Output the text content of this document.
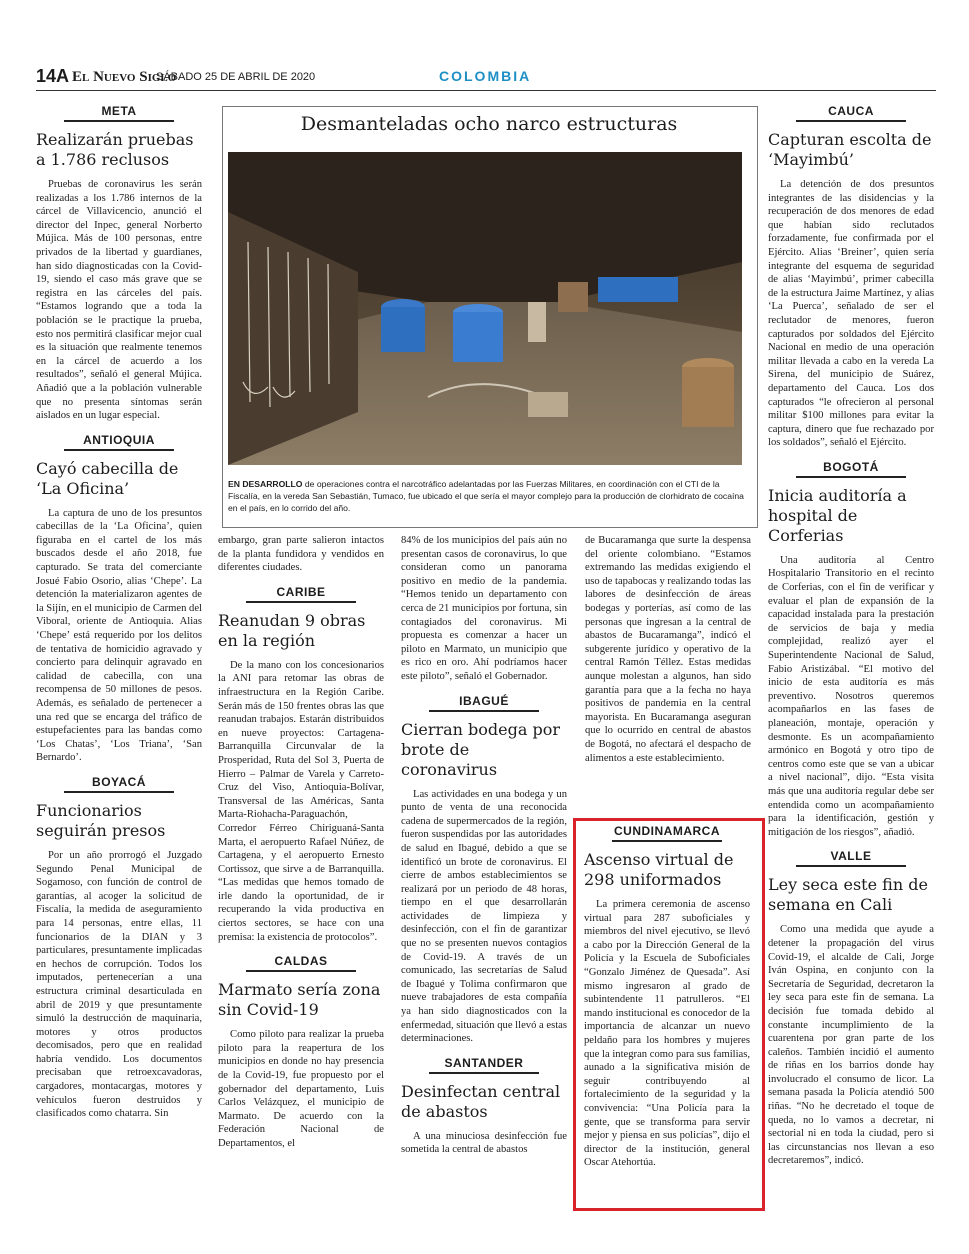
14A El Nuevo Siglo
SÁBADO 25 DE ABRIL DE 2020	COLOMBIA
Desmanteladas ocho narco estructuras
EN DESARROLLO de operaciones contra el narcotráfico adelantadas por las Fuerzas Militares, en coordinación con el CTI de la Fiscalía, en la vereda San Sebastián, Tumaco, fue ubicado el que sería el mayor complejo para la producción de clorhidrato de cocaína en el país, en lo corrido del año.
META
Realizarán pruebas a 1.786 reclusos

Pruebas de coronavirus les serán realizadas a los 1.786 internos de la cárcel de Villavicencio, anunció el director del Inpec, general Norberto Mújica. Más de 100 personas, entre privados de la libertad y guardianes, han sido diagnosticadas con la Covid-19, siendo el caso más grave que se registra en las cárceles del país. “Estamos logrando que a toda la población se le practique la prueba, esto nos permitirá clasificar mejor cual es la situación que realmente tenemos en la cárcel de acuerdo a los resultados”, señaló el general Mújica. Añadió que a la población vulnerable que no presenta síntomas serán aislados en un lugar especial.

ANTIOQUIA
Cayó cabecilla de ‘La Oficina’

La captura de uno de los presuntos cabecillas de la ‘La Oficina’, quien figuraba en el cartel de los más buscados desde el año 2018, fue capturado. Se trata del comerciante Josué Fabio Osorio, alias ‘Chepe’. La detención la materializaron agentes de la Sijín, en el municipio de Carmen del Viboral, oriente de Antioquia. Alias ‘Chepe’ está requerido por los delitos de tentativa de homicidio agravado y concierto para delinquir agravado en calidad de cabecilla, con una recompensa de 50 millones de pesos. Además, es señalado de pertenecer a una red que se encarga del tráfico de estupefacientes para las bandas como ‘Los Chatas’, ‘Los Triana’, ‘San Bernardo’.

BOYACÁ
Funcionarios seguirán presos

Por un año prorrogó el Juzgado Segundo Penal Municipal de Sogamoso, con función de control de garantías, al acoger la solicitud de Fiscalía, la medida de aseguramiento para 14 personas, entre ellas, 11 funcionarios de la DIAN y 3 particulares, presuntamente implicadas en hechos de corrupción. Todos los imputados, pertenecerían a una estructura criminal desarticulada en abril de 2019 y que presuntamente simuló la destrucción de maquinaria, motores y otros productos decomisados, pero que en realidad habría vendido. Los documentos precisaban que retroexcavadoras, cargadores, montacargas, motores y vehículos fueron destruidos y clasificados como chatarra. Sin

embargo, gran parte salieron intactos de la planta fundidora y vendidos en diferentes ciudades.

CARIBE
Reanudan 9 obras en la región

De la mano con los concesionarios la ANI para retomar las obras de infraestructura en la Región Caribe. Serán más de 150 frentes obras las que reanudan trabajos. Estarán distribuidos en nueve proyectos: Cartagena-Barranquilla Circunvalar de la Prosperidad, Ruta del Sol 3, Puerta de Hierro – Palmar de Varela y Carreto-Cruz del Viso, Antioquia-Bolívar, Transversal de las Américas, Santa Marta-Riohacha-Paraguachón, Corredor Férreo Chiriguaná-Santa Marta, el aeropuerto Rafael Núñez, de Cartagena, y el aeropuerto Ernesto Cortissoz, que sirve a de Barranquilla. “Las medidas que hemos tomado de irle dando la oportunidad, de ir recuperando la vida productiva en ciertos sectores, se hace con una premisa: la existencia de protocolos”.

CALDAS
Marmato sería zona sin Covid-19

Como piloto para realizar la prueba piloto para la reapertura de los municipios en donde no hay presencia de la Covid-19, fue propuesto por el gobernador del departamento, Luis Carlos Velázquez, el municipio de Marmato. De acuerdo con la Federación Nacional de Departamentos, el

84% de los municipios del país aún no presentan casos de coronavirus, lo que consideran como un panorama positivo en medio de la pandemia. “Hemos tenido un departamento con cerca de 21 municipios por fortuna, sin contagiados del coronavirus. Mi propuesta es comenzar a hacer un piloto en Marmato, un municipio que es rico en oro. Ahí podríamos hacer este piloto”, señaló el Gobernador.

IBAGUÉ
Cierran bodega por brote de coronavirus

Las actividades en una bodega y un punto de venta de una reconocida cadena de supermercados de la región, fueron suspendidas por las autoridades de salud en Ibagué, debido a que se identificó un brote de coronavirus. El cierre de ambos establecimientos se realizará por un periodo de 48 horas, tiempo en el que desarrollarán actividades de limpieza y desinfección, con el fin de garantizar que no se presenten nuevos contagios de Covid-19. A través de un comunicado, las secretarías de Salud de Ibagué y Tolima confirmaron que nueve trabajadores de esta compañía ya han sido diagnosticados con la enfermedad, situación que llevó a estas determinaciones.

SANTANDER
Desinfectan central de abastos

A una minuciosa desinfección fue sometida la central de abastos

de Bucaramanga que surte la despensa del oriente colombiano. “Estamos extremando las medidas exigiendo el uso de tapabocas y realizando todas las labores de desinfección de áreas bodegas y porterías, así como de las personas que ingresan a la central de abastos de Bucaramanga”, indicó el subgerente jurídico y operativo de la central Ramón Téllez. Estas medidas aunque molestan a algunos, han sido garantía para que a la fecha no haya positivos de pandemia en la central mayorista. En Bucaramanga aseguran que lo ocurrido en central de abastos de Bogotá, no afectará el despacho de alimentos a este establecimiento.

CUNDINAMARCA
Ascenso virtual de 298 uniformados

La primera ceremonia de ascenso virtual para 287 suboficiales y miembros del nivel ejecutivo, se llevó a cabo por la Dirección General de la Policía y la Escuela de Suboficiales “Gonzalo Jiménez de Quesada”. Así mismo ingresaron al grado de subintendente 11 patrulleros. “El mando institucional es conocedor de la importancia de alcanzar un nuevo peldaño para los hombres y mujeres que la integran como para sus familias, aunado a la significativa misión de seguir contribuyendo al fortalecimiento de la seguridad y la convivencia: “Una Policía para la gente, que se transforma para servir mejor y piensa en sus policías”, dijo el director de la institución, general Oscar Atehortúa.

CAUCA
Capturan escolta de ‘Mayimbú’

La detención de dos presuntos integrantes de las disidencias y la recuperación de dos menores de edad que habían sido reclutados forzadamente, fue confirmada por el Ejército. Alias ‘Breiner’, quien sería integrante del esquema de seguridad de alias ‘Mayimbú’, primer cabecilla de la estructura Jaime Martínez, y alias ‘La Puerca’, señalado de ser el reclutador de menores, fueron capturados por soldados del Ejército Nacional en medio de una operación militar llevada a cabo en la vereda La Sirena, del municipio de Suárez, departamento del Cauca. Los dos capturados “le ofrecieron al personal militar $100 millones para evitar la captura, dinero que fue rechazado por los soldados”, señaló el Ejército.

BOGOTÁ
Inicia auditoría a hospital de Corferias

Una auditoría al Centro Hospitalario Transitorio en el recinto de Corferias, con el fin de verificar y evaluar el plan de expansión de la capacidad instalada para la prestación de servicios de baja y media complejidad, realizó ayer el Superintendente Nacional de Salud, Fabio Aristizábal. “El motivo del inicio de esta auditoría es más preventivo. Nosotros queremos acompañarlos en las fases de planeación, montaje, operación y desmonte. Es un acompañamiento armónico en Bogotá y otro tipo de centros como este que se van a ubicar a nivel nacional”, dijo. “Esta visita más que una auditoría regular debe ser entendida como un acompañamiento para la identificación, gestión y mitigación de los riesgos”, añadió.

VALLE
Ley seca este fin de semana en Cali

Como una medida que ayude a detener la propagación del virus Covid-19, el alcalde de Cali, Jorge Iván Ospina, en conjunto con la Secretaría de Seguridad, decretaron la ley seca para este fin de semana. La decisión fue tomada debido al constante incumplimiento de la cuarentena por gran parte de los caleños. También incidió el aumento de riñas en los barrios donde hay involucrado el consumo de licor. La semana pasada la Policía atendió 500 riñas. “No he decretado el toque de queda, no lo vamos a decretar, ni sectorial ni en toda la ciudad, pero si las circunstancias nos llevan a eso decretaremos”, indicó.
